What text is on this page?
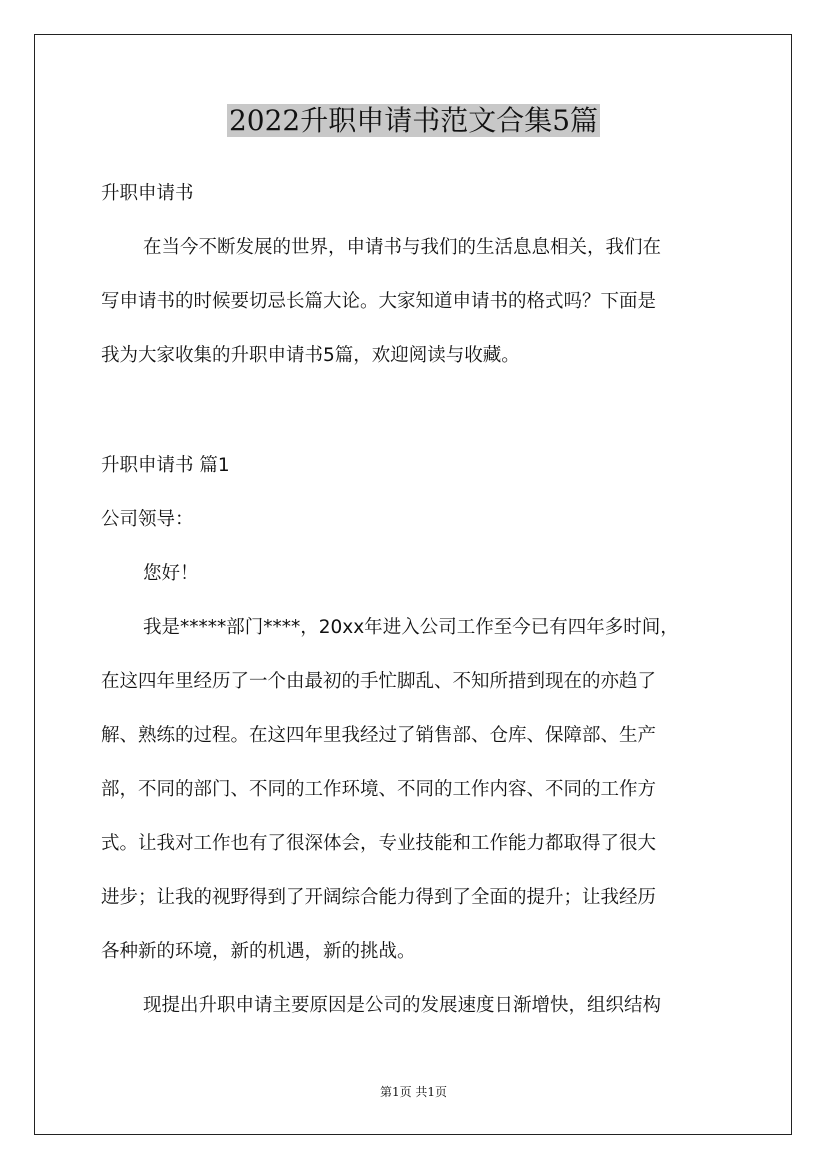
2022升职申请书范文合集5篇
升职申请书
在当今不断发展的世界，申请书与我们的生活息息相关，我们在
写申请书的时候要切忌长篇大论。大家知道申请书的格式吗？下面是
我为大家收集的升职申请书5篇，欢迎阅读与收藏。
升职申请书 篇1
公司领导：
您好！
我是*****部门****，20xx年进入公司工作至今已有四年多时间，
在这四年里经历了一个由最初的手忙脚乱、不知所措到现在的亦趋了
解、熟练的过程。在这四年里我经过了销售部、仓库、保障部、生产
部，不同的部门、不同的工作环境、不同的工作内容、不同的工作方
式。让我对工作也有了很深体会，专业技能和工作能力都取得了很大
进步；让我的视野得到了开阔综合能力得到了全面的提升；让我经历
各种新的环境，新的机遇，新的挑战。
现提出升职申请主要原因是公司的发展速度日渐增快，组织结构
第1页 共1页
